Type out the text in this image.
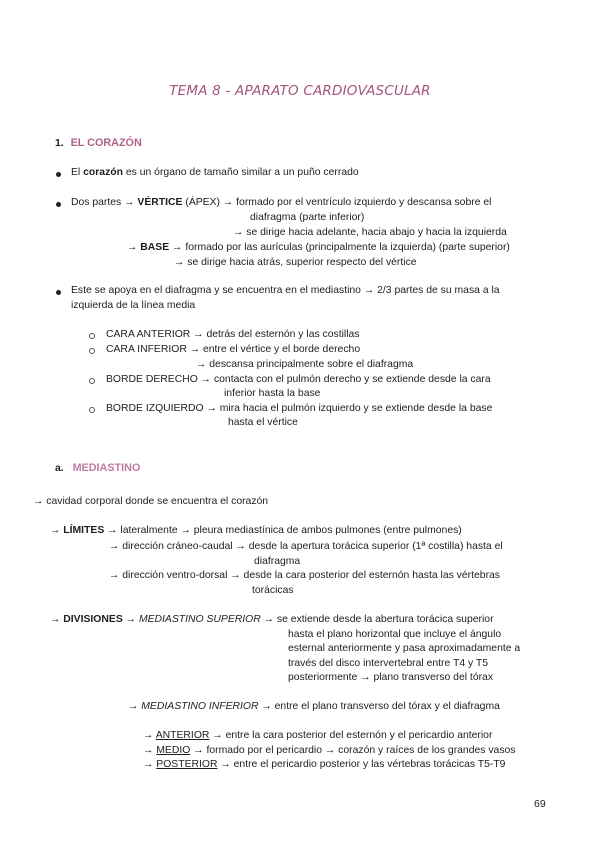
TEMA 8 - APARATO CARDIOVASCULAR
1. EL CORAZÓN
El corazón es un órgano de tamaño similar a un puño cerrado
Dos partes → VÉRTICE (ÁPEX) → formado por el ventrículo izquierdo y descansa sobre el
diafragma (parte inferior)
→ se dirige hacia adelante, hacia abajo y hacia la izquierda
→ BASE → formado por las aurículas (principalmente la izquierda) (parte superior)
→ se dirige hacia atrás, superior respecto del vértice
Este se apoya en el diafragma y se encuentra en el mediastino → 2/3 partes de su masa a la
izquierda de la línea media
CARA ANTERIOR → detrás del esternón y las costillas
CARA INFERIOR → entre el vértice y el borde derecho
→ descansa principalmente sobre el diafragma
BORDE DERECHO → contacta con el pulmón derecho y se extiende desde la cara
inferior hasta la base
BORDE IZQUIERDO → mira hacia el pulmón izquierdo y se extiende desde la base
hasta el vértice
a. MEDIASTINO
→ cavidad corporal donde se encuentra el corazón
→ LÍMITES → lateralmente → pleura mediastínica de ambos pulmones (entre pulmones)
→ dirección cráneo-caudal → desde la apertura torácica superior (1ª costilla) hasta el
diafragma
→ dirección ventro-dorsal → desde la cara posterior del esternón hasta las vértebras
torácicas
→ DIVISIONES → MEDIASTINO SUPERIOR → se extiende desde la abertura torácica superior
hasta el plano horizontal que incluye el ángulo
esternal anteriormente y pasa aproximadamente a
través del disco intervertebral entre T4 y T5
posteriormente → plano transverso del tórax
→ MEDIASTINO INFERIOR → entre el plano transverso del tórax y el diafragma
→ ANTERIOR → entre la cara posterior del esternón y el pericardio anterior
→ MEDIO → formado por el pericardio → corazón y raíces de los grandes vasos
→ POSTERIOR → entre el pericardio posterior y las vértebras torácicas T5-T9
69
